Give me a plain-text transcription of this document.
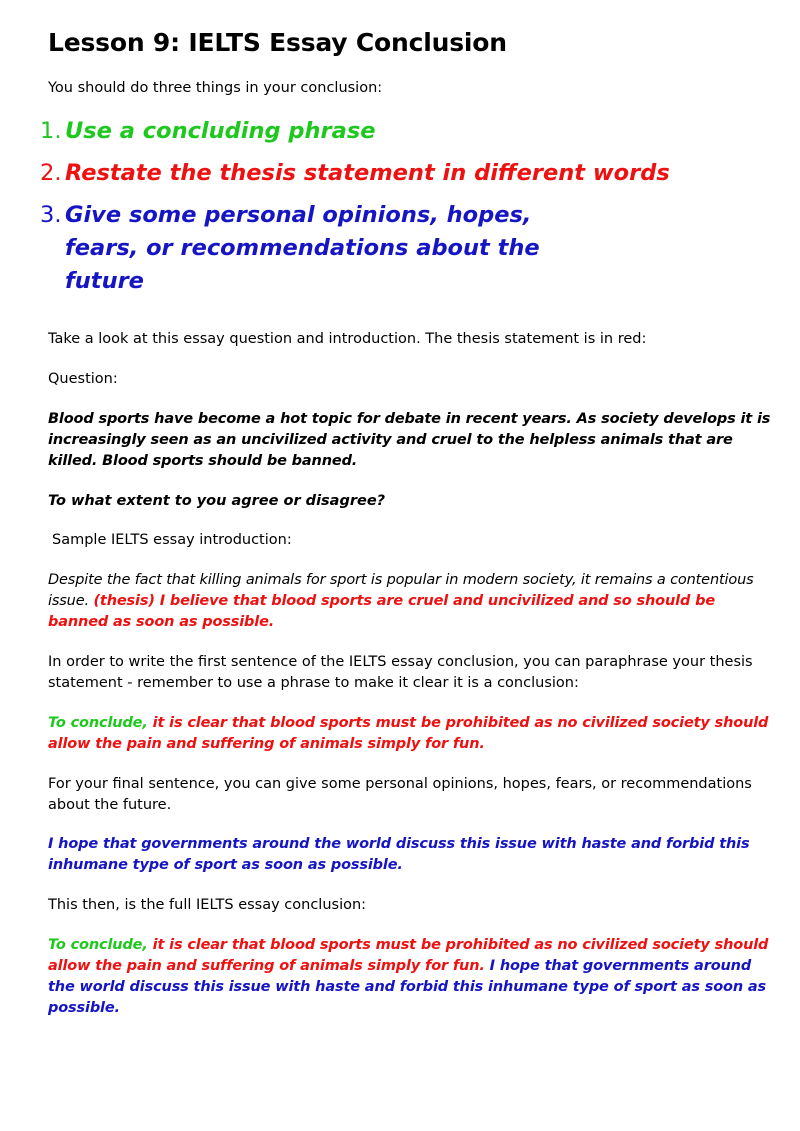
Lesson 9: IELTS Essay Conclusion

You should do three things in your conclusion:

1. Use a concluding phrase
2. Restate the thesis statement in different words
3. Give some personal opinions, hopes, fears, or recommendations about the future

Take a look at this essay question and introduction. The thesis statement is in red:

Question:

Blood sports have become a hot topic for debate in recent years. As society develops it is increasingly seen as an uncivilized activity and cruel to the helpless animals that are killed. Blood sports should be banned.

To what extent to you agree or disagree?

Sample IELTS essay introduction:

Despite the fact that killing animals for sport is popular in modern society, it remains a contentious issue. (thesis) I believe that blood sports are cruel and uncivilized and so should be banned as soon as possible.

In order to write the first sentence of the IELTS essay conclusion, you can paraphrase your thesis statement - remember to use a phrase to make it clear it is a conclusion:

To conclude, it is clear that blood sports must be prohibited as no civilized society should allow the pain and suffering of animals simply for fun.

For your final sentence, you can give some personal opinions, hopes, fears, or recommendations about the future.

I hope that governments around the world discuss this issue with haste and forbid this inhumane type of sport as soon as possible.

This then, is the full IELTS essay conclusion:

To conclude, it is clear that blood sports must be prohibited as no civilized society should allow the pain and suffering of animals simply for fun. I hope that governments around the world discuss this issue with haste and forbid this inhumane type of sport as soon as possible.
